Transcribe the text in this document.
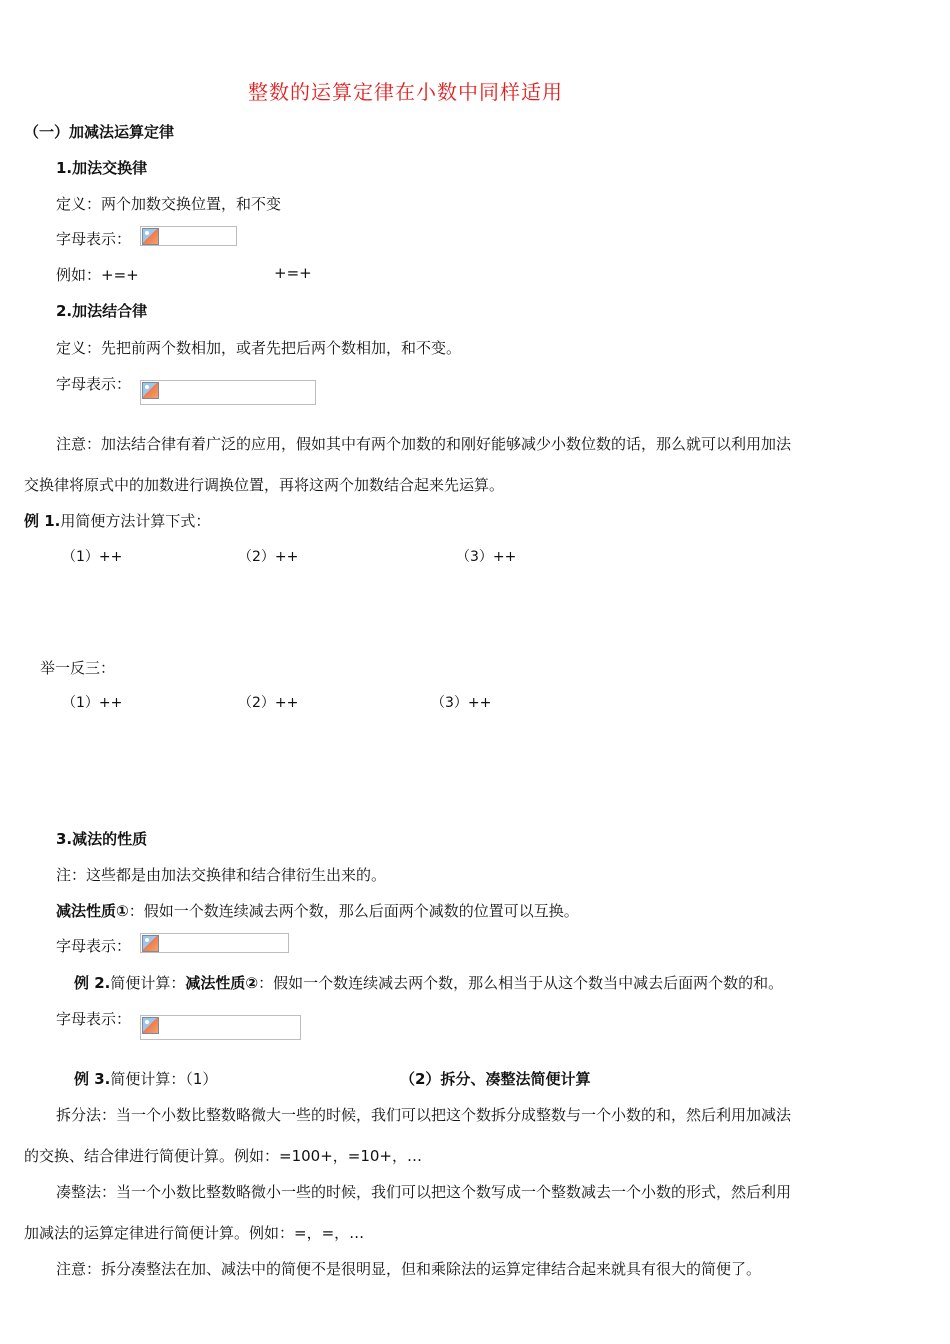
整数的运算定律在小数中同样适用
（一）加减法运算定律
1.加法交换律
定义：两个加数交换位置，和不变
字母表示：
例如：+=+	+=+
2.加法结合律
定义：先把前两个数相加，或者先把后两个数相加，和不变。
字母表示：
注意：加法结合律有着广泛的应用，假如其中有两个加数的和刚好能够减少小数位数的话，那么就可以利用加法
交换律将原式中的加数进行调换位置，再将这两个加数结合起来先运算。
例 1.用简便方法计算下式：
（1）++	（2）++	（3）++
举一反三：
（1）++	（2）++	（3）++
3.减法的性质
注：这些都是由加法交换律和结合律衍生出来的。
减法性质①：假如一个数连续减去两个数，那么后面两个减数的位置可以互换。
字母表示：
例 2.简便计算：减法性质②：假如一个数连续减去两个数，那么相当于从这个数当中减去后面两个数的和。
字母表示：
例 3.简便计算：（1）	（2）拆分、凑整法简便计算
拆分法：当一个小数比整数略微大一些的时候，我们可以把这个数拆分成整数与一个小数的和，然后利用加减法
的交换、结合律进行简便计算。例如：=100+，=10+，…
凑整法：当一个小数比整数略微小一些的时候，我们可以把这个数写成一个整数减去一个小数的形式，然后利用
加减法的运算定律进行简便计算。例如：=，=，…
注意：拆分凑整法在加、减法中的简便不是很明显，但和乘除法的运算定律结合起来就具有很大的简便了。
